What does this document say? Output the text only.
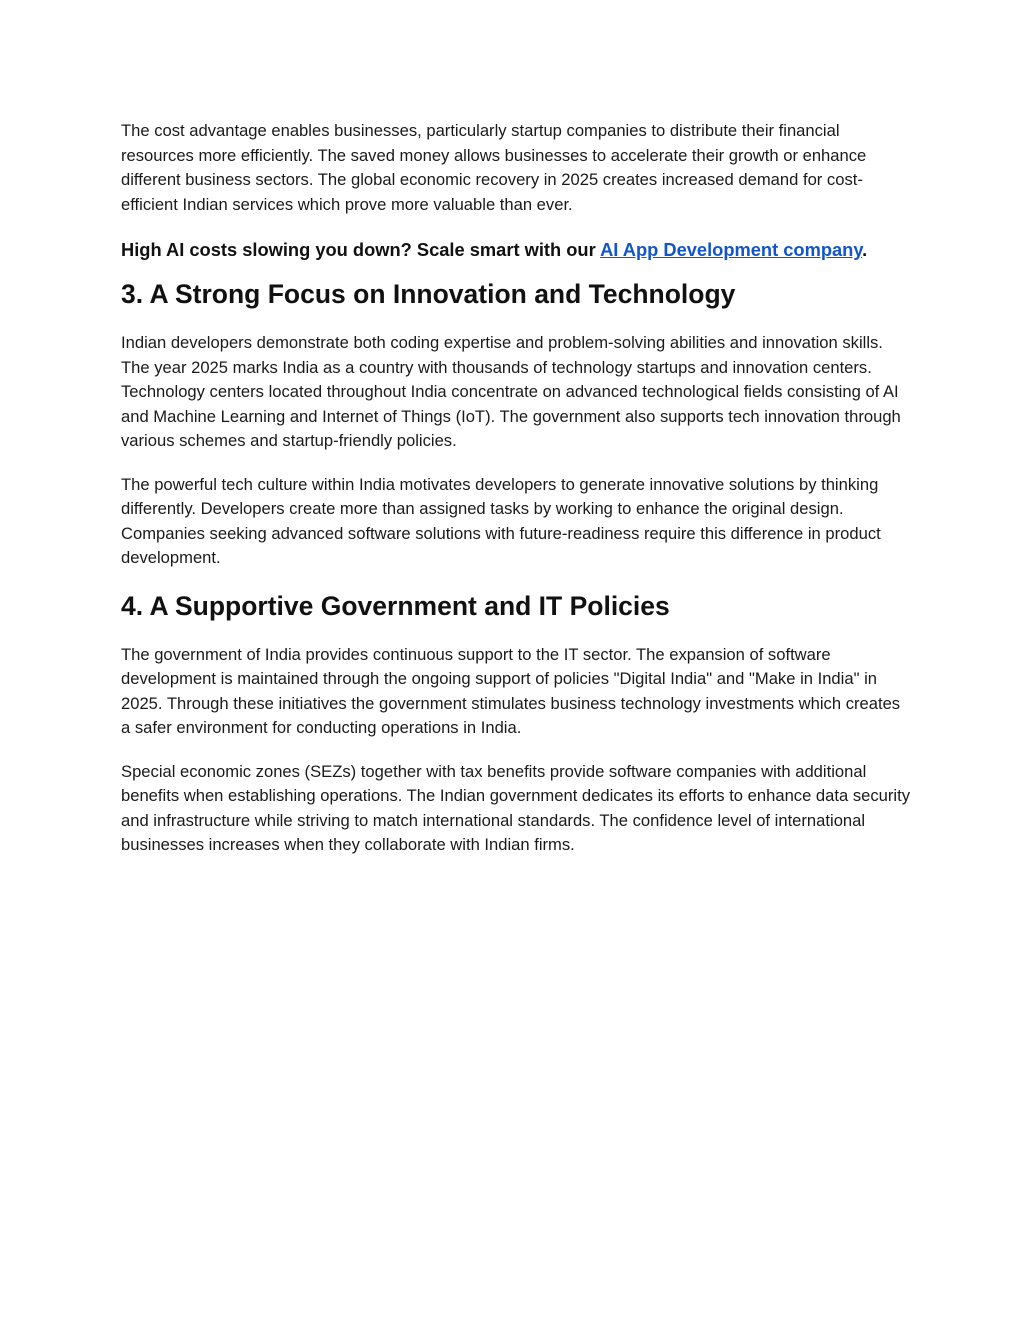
The cost advantage enables businesses, particularly startup companies to distribute their financial resources more efficiently. The saved money allows businesses to accelerate their growth or enhance different business sectors. The global economic recovery in 2025 creates increased demand for cost-efficient Indian services which prove more valuable than ever.

High AI costs slowing you down? Scale smart with our AI App Development company.

3. A Strong Focus on Innovation and Technology

Indian developers demonstrate both coding expertise and problem-solving abilities and innovation skills. The year 2025 marks India as a country with thousands of technology startups and innovation centers. Technology centers located throughout India concentrate on advanced technological fields consisting of AI and Machine Learning and Internet of Things (IoT). The government also supports tech innovation through various schemes and startup-friendly policies.

The powerful tech culture within India motivates developers to generate innovative solutions by thinking differently. Developers create more than assigned tasks by working to enhance the original design. Companies seeking advanced software solutions with future-readiness require this difference in product development.

4. A Supportive Government and IT Policies

The government of India provides continuous support to the IT sector. The expansion of software development is maintained through the ongoing support of policies "Digital India" and "Make in India" in 2025. Through these initiatives the government stimulates business technology investments which creates a safer environment for conducting operations in India.

Special economic zones (SEZs) together with tax benefits provide software companies with additional benefits when establishing operations. The Indian government dedicates its efforts to enhance data security and infrastructure while striving to match international standards. The confidence level of international businesses increases when they collaborate with Indian firms.
